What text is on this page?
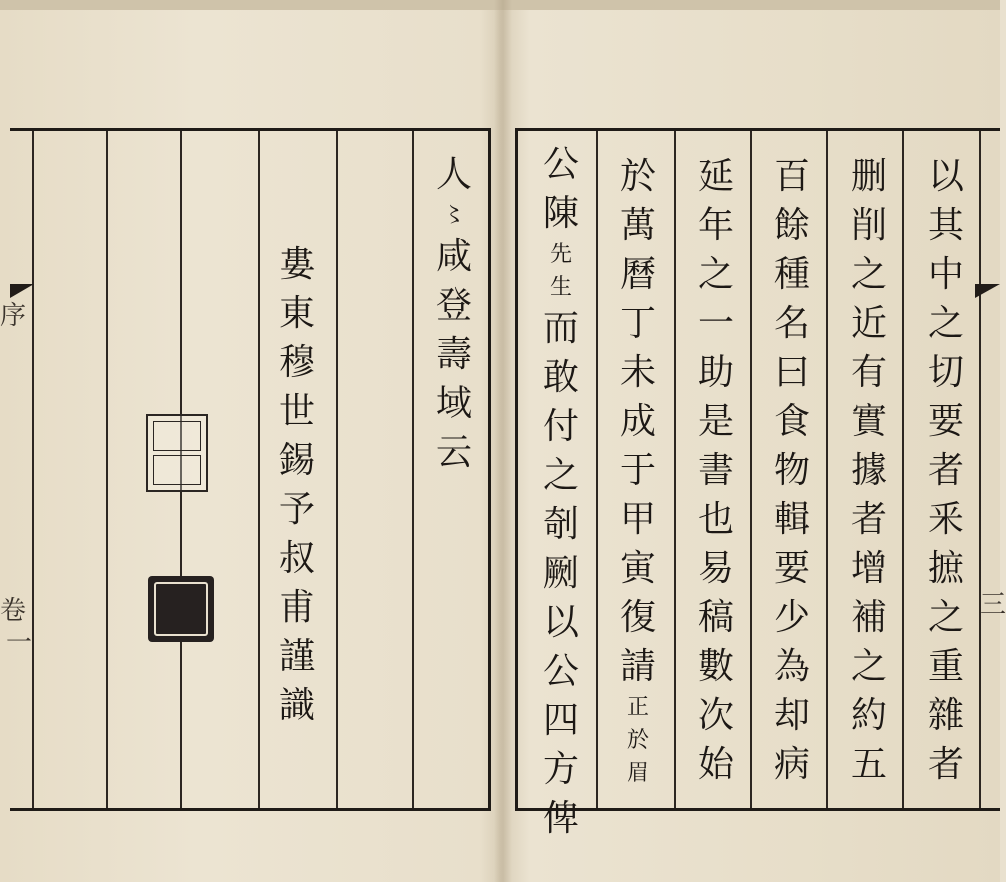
人
〻
咸
登
壽
域
云
婁
東
穆
世
錫
予
叔
甫
謹
識
以
其
中
之
切
要
者
釆
摭
之
重
雜
者
删
削
之
近
有
實
據
者
增
補
之
約
五
百
餘
種
名
曰
食
物
輯
要
少
為
却
病
延
年
之
一
助
是
書
也
易
稿
數
次
始
於
萬
曆
丁
未
成
于
甲
寅
復
請
正
於
眉
公
陳
先
生
而
敢
付
之
剞
劂
以
公
四
方
俾
三
序
卷
一
